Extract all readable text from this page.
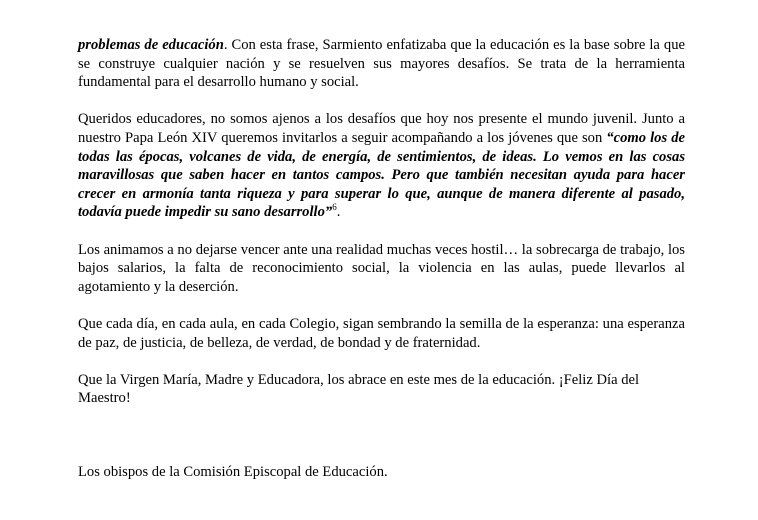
problemas de educación. Con esta frase, Sarmiento enfatizaba que la educación es la base sobre la que se construye cualquier nación y se resuelven sus mayores desafíos. Se trata de la herramienta fundamental para el desarrollo humano y social.

Queridos educadores, no somos ajenos a los desafíos que hoy nos presente el mundo juvenil. Junto a nuestro Papa León XIV queremos invitarlos a seguir acompañando a los jóvenes que son “como los de todas las épocas, volcanes de vida, de energía, de sentimientos, de ideas. Lo vemos en las cosas maravillosas que saben hacer en tantos campos. Pero que también necesitan ayuda para hacer crecer en armonía tanta riqueza y para superar lo que, aunque de manera diferente al pasado, todavía puede impedir su sano desarrollo”$^6$.

Los animamos a no dejarse vencer ante una realidad muchas veces hostil… la sobrecarga de trabajo, los bajos salarios, la falta de reconocimiento social, la violencia en las aulas, puede llevarlos al agotamiento y la deserción.

Que cada día, en cada aula, en cada Colegio, sigan sembrando la semilla de la esperanza: una esperanza de paz, de justicia, de belleza, de verdad, de bondad y de fraternidad.

Que la Virgen María, Madre y Educadora, los abrace en este mes de la educación. ¡Feliz Día del Maestro!

Los obispos de la Comisión Episcopal de Educación.
